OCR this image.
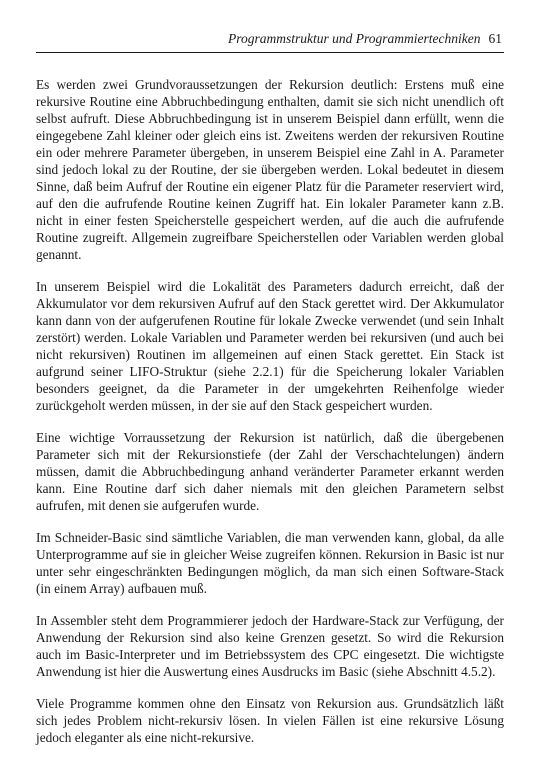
Programmstruktur und Programmiertechniken 61

Es werden zwei Grundvoraussetzungen der Rekursion deutlich: Erstens muß eine rekursive Routine eine Abbruchbedingung enthalten, damit sie sich nicht unendlich oft selbst aufruft. Diese Abbruchbedingung ist in unserem Beispiel dann erfüllt, wenn die eingegebene Zahl kleiner oder gleich eins ist. Zweitens werden der rekursiven Routine ein oder mehrere Parameter übergeben, in unserem Beispiel eine Zahl in A. Parameter sind jedoch lokal zu der Routine, der sie übergeben werden. Lokal bedeutet in diesem Sinne, daß beim Aufruf der Routine ein eigener Platz für die Parameter reserviert wird, auf den die aufrufende Routine keinen Zugriff hat. Ein lokaler Parameter kann z.B. nicht in einer festen Speicherstelle gespeichert werden, auf die auch die aufrufende Routine zugreift. Allgemein zugreifbare Speicherstellen oder Variablen werden global genannt.

In unserem Beispiel wird die Lokalität des Parameters dadurch erreicht, daß der Akkumulator vor dem rekursiven Aufruf auf den Stack gerettet wird. Der Akkumulator kann dann von der aufgerufenen Routine für lokale Zwecke verwendet (und sein Inhalt zerstört) werden. Lokale Variablen und Parameter werden bei rekursiven (und auch bei nicht rekursiven) Routinen im allgemeinen auf einen Stack gerettet. Ein Stack ist aufgrund seiner LIFO-Struktur (siehe 2.2.1) für die Speicherung lokaler Variablen besonders geeignet, da die Parameter in der umgekehrten Reihenfolge wieder zurückgeholt werden müssen, in der sie auf den Stack gespeichert wurden.

Eine wichtige Vorraussetzung der Rekursion ist natürlich, daß die übergebenen Parameter sich mit der Rekursionstiefe (der Zahl der Verschachtelungen) ändern müssen, damit die Abbruchbedingung anhand veränderter Parameter erkannt werden kann. Eine Routine darf sich daher niemals mit den gleichen Parametern selbst aufrufen, mit denen sie aufgerufen wurde.

Im Schneider-Basic sind sämtliche Variablen, die man verwenden kann, global, da alle Unterprogramme auf sie in gleicher Weise zugreifen können. Rekursion in Basic ist nur unter sehr eingeschränkten Bedingungen möglich, da man sich einen Software-Stack (in einem Array) aufbauen muß.

In Assembler steht dem Programmierer jedoch der Hardware-Stack zur Verfügung, der Anwendung der Rekursion sind also keine Grenzen gesetzt. So wird die Rekursion auch im Basic-Interpreter und im Betriebssystem des CPC eingesetzt. Die wichtigste Anwendung ist hier die Auswertung eines Ausdrucks im Basic (siehe Abschnitt 4.5.2).

Viele Programme kommen ohne den Einsatz von Rekursion aus. Grundsätzlich läßt sich jedes Problem nicht-rekursiv lösen. In vielen Fällen ist eine rekursive Lösung jedoch eleganter als eine nicht-rekursive.
